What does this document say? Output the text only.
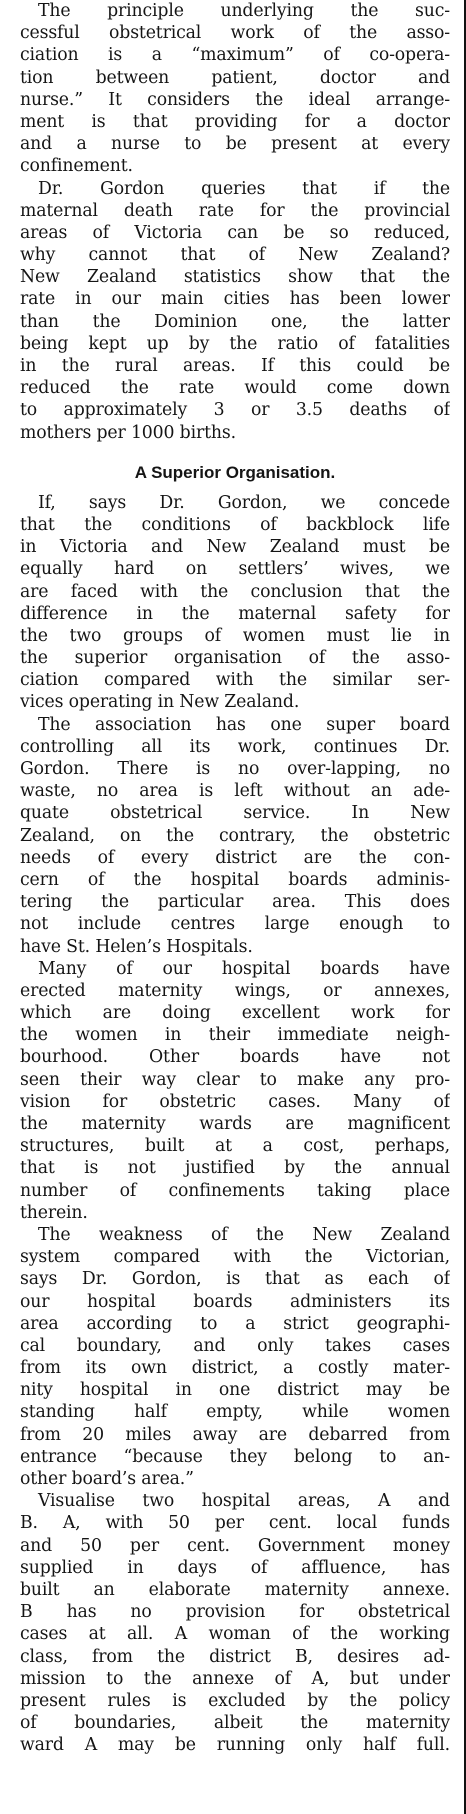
The principle underlying the suc-
cessful obstetrical work of the asso-
ciation is a “maximum” of co-opera-
tion between patient, doctor and
nurse.” It considers the ideal arrange-
ment is that providing for a doctor
and a nurse to be present at every
confinement.
Dr. Gordon queries that if the
maternal death rate for the provincial
areas of Victoria can be so reduced,
why cannot that of New Zealand?
New Zealand statistics show that the
rate in our main cities has been lower
than the Dominion one, the latter
being kept up by the ratio of fatalities
in the rural areas. If this could be
reduced the rate would come down
to approximately 3 or 3.5 deaths of
mothers per 1000 births.
A Superior Organisation.
If, says Dr. Gordon, we concede
that the conditions of backblock life
in Victoria and New Zealand must be
equally hard on settlers’ wives, we
are faced with the conclusion that the
difference in the maternal safety for
the two groups of women must lie in
the superior organisation of the asso-
ciation compared with the similar ser-
vices operating in New Zealand.
The association has one super board
controlling all its work, continues Dr.
Gordon. There is no over-lapping, no
waste, no area is left without an ade-
quate obstetrical service. In New
Zealand, on the contrary, the obstetric
needs of every district are the con-
cern of the hospital boards adminis-
tering the particular area. This does
not include centres large enough to
have St. Helen’s Hospitals.
Many of our hospital boards have
erected maternity wings, or annexes,
which are doing excellent work for
the women in their immediate neigh-
bourhood. Other boards have not
seen their way clear to make any pro-
vision for obstetric cases. Many of
the maternity wards are magnificent
structures, built at a cost, perhaps,
that is not justified by the annual
number of confinements taking place
therein.
The weakness of the New Zealand
system compared with the Victorian,
says Dr. Gordon, is that as each of
our hospital boards administers its
area according to a strict geographi-
cal boundary, and only takes cases
from its own district, a costly mater-
nity hospital in one district may be
standing half empty, while women
from 20 miles away are debarred from
entrance “because they belong to an-
other board’s area.”
Visualise two hospital areas, A and
B. A, with 50 per cent. local funds
and 50 per cent. Government money
supplied in days of affluence, has
built an elaborate maternity annexe.
B has no provision for obstetrical
cases at all. A woman of the working
class, from the district B, desires ad-
mission to the annexe of A, but under
present rules is excluded by the policy
of boundaries, albeit the maternity
ward A may be running only half full.
